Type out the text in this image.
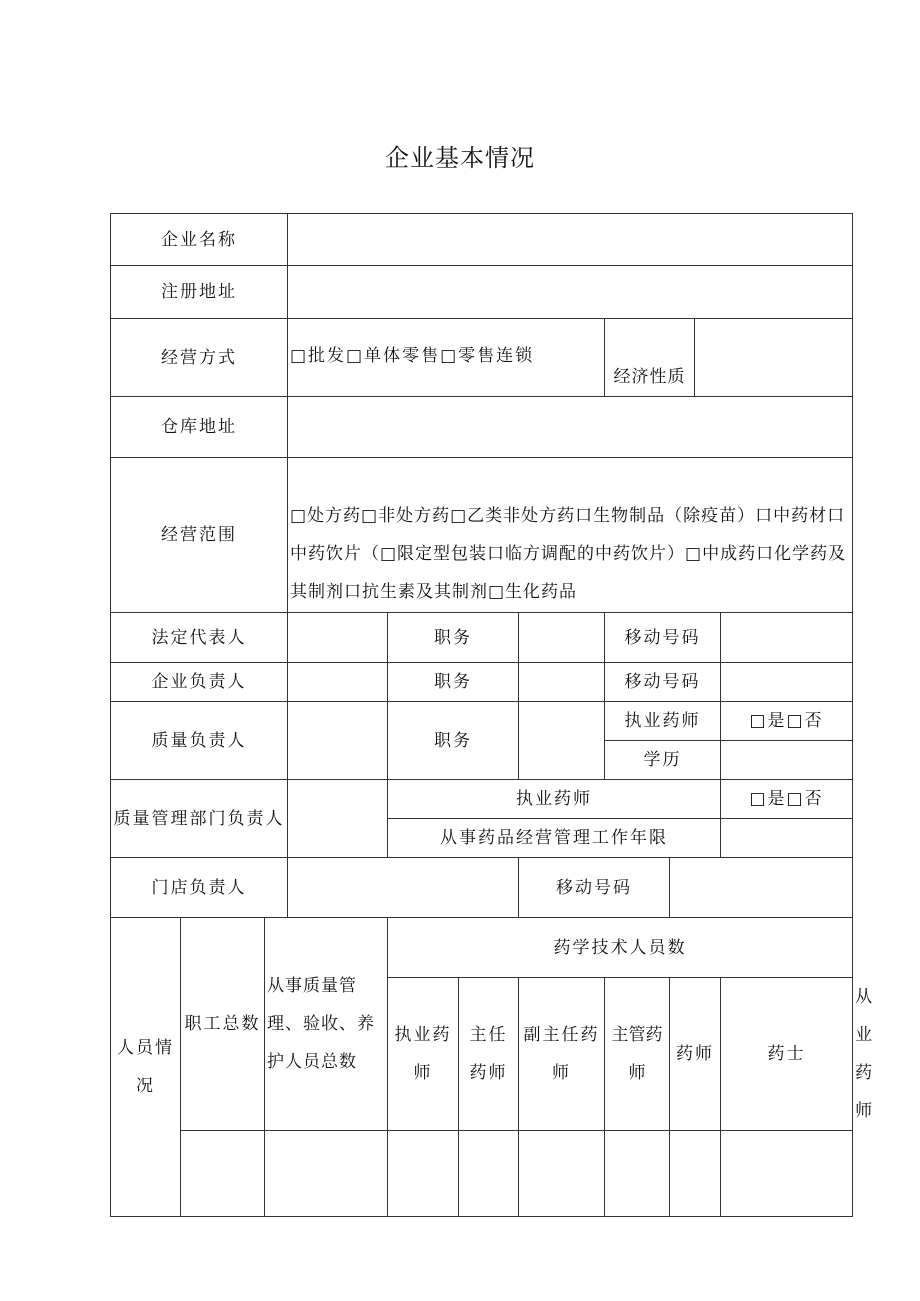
企业基本情况
企业名称											
注册地址											
经营方式			□批发□单体零售□零售连锁				经济性质				
仓库地址											
经营范围			□处方药□非处方药□乙类非处方药口生物制品（除疫苗）口中药材口中药饮片（□限定型包装口临方调配的中药饮片）□中成药口化学药及其制剂口抗生素及其制剂□生化药品								
法定代表人				职务			移动号码				
企业负责人				职务			移动号码				
质量负责人				职务			执业药师			□是□否	
							学历				
质量管理部门负责人				执业药师						□是□否	
				从事药品经营管理工作年限							
门店负责人						移动号码					
人员情况	职工总数	从事质量管理、验收、养护人员总数		药学技术人员数							
				执业药师	主任药师	副主任药师	主管药师	药师		药士	从业药师
